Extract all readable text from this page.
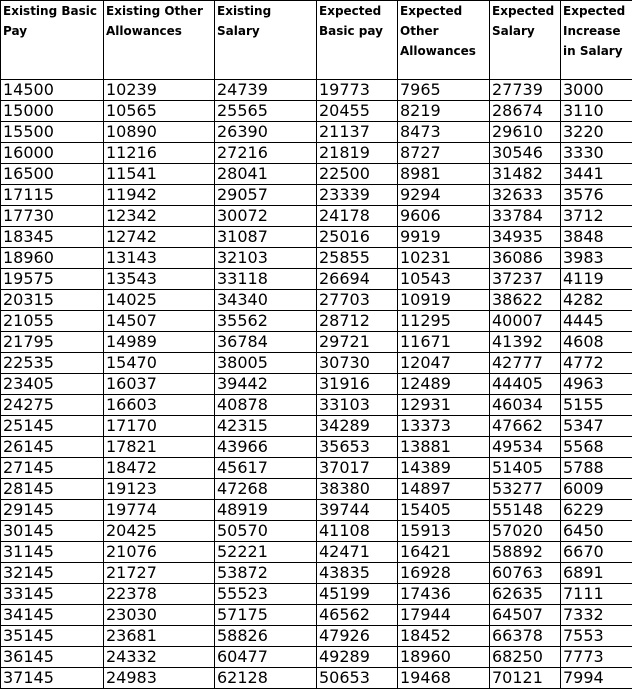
Existing Basic Pay	Existing Other Allowances	Existing Salary	Expected Basic pay	Expected Other Allowances	Expected Salary	Expected Increase in Salary
14500	10239	24739	19773	7965	27739	3000
15000	10565	25565	20455	8219	28674	3110
15500	10890	26390	21137	8473	29610	3220
16000	11216	27216	21819	8727	30546	3330
16500	11541	28041	22500	8981	31482	3441
17115	11942	29057	23339	9294	32633	3576
17730	12342	30072	24178	9606	33784	3712
18345	12742	31087	25016	9919	34935	3848
18960	13143	32103	25855	10231	36086	3983
19575	13543	33118	26694	10543	37237	4119
20315	14025	34340	27703	10919	38622	4282
21055	14507	35562	28712	11295	40007	4445
21795	14989	36784	29721	11671	41392	4608
22535	15470	38005	30730	12047	42777	4772
23405	16037	39442	31916	12489	44405	4963
24275	16603	40878	33103	12931	46034	5155
25145	17170	42315	34289	13373	47662	5347
26145	17821	43966	35653	13881	49534	5568
27145	18472	45617	37017	14389	51405	5788
28145	19123	47268	38380	14897	53277	6009
29145	19774	48919	39744	15405	55148	6229
30145	20425	50570	41108	15913	57020	6450
31145	21076	52221	42471	16421	58892	6670
32145	21727	53872	43835	16928	60763	6891
33145	22378	55523	45199	17436	62635	7111
34145	23030	57175	46562	17944	64507	7332
35145	23681	58826	47926	18452	66378	7553
36145	24332	60477	49289	18960	68250	7773
37145	24983	62128	50653	19468	70121	7994
